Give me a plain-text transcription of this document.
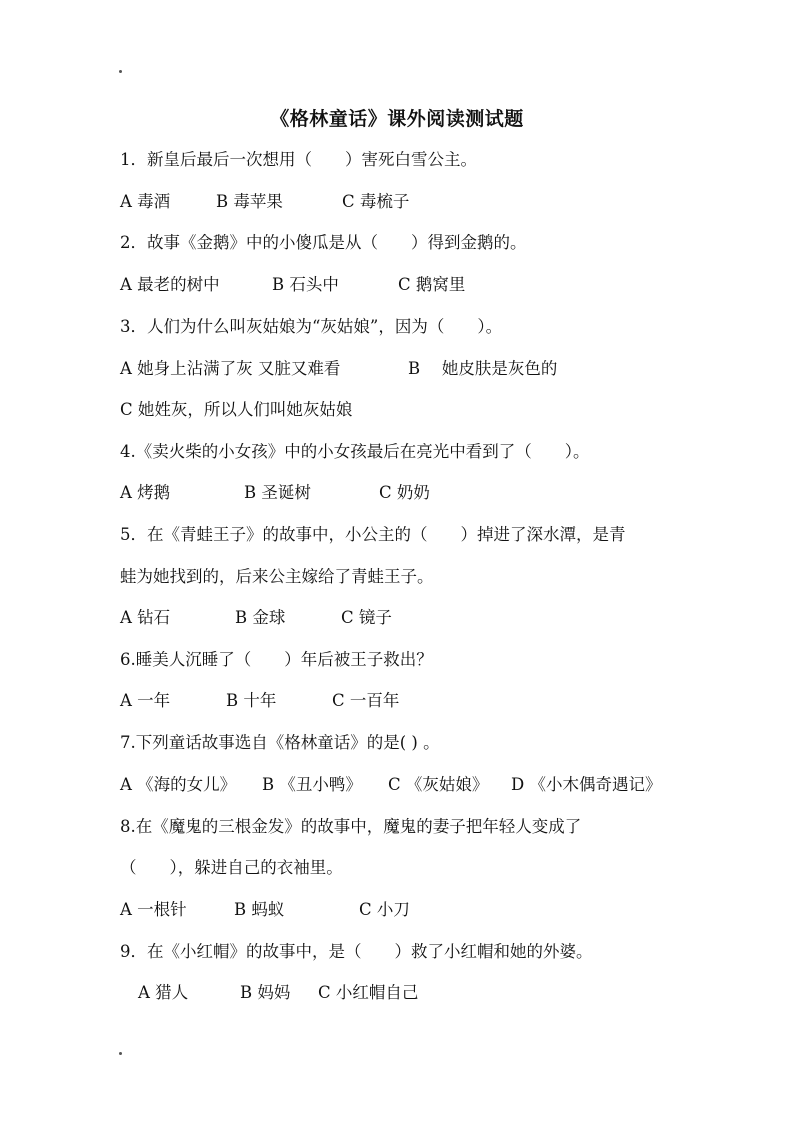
《格林童话》课外阅读测试题
1．新皇后最后一次想用（　　）害死白雪公主。
A 毒酒	B 毒苹果	C 毒梳子
2．故事《金鹅》中的小傻瓜是从（　　）得到金鹅的。
A 最老的树中	B 石头中	C 鹅窝里
3．人们为什么叫灰姑娘为“灰姑娘”，因为（　　）。
A 她身上沾满了灰 又脏又难看	B　 她皮肤是灰色的
C 她姓灰，所以人们叫她灰姑娘
4.《卖火柴的小女孩》中的小女孩最后在亮光中看到了（　　）。
A 烤鹅	B 圣诞树	C 奶奶
5．在《青蛙王子》的故事中，小公主的（　　）掉进了深水潭，是青
蛙为她找到的，后来公主嫁给了青蛙王子。
A 钻石	B 金球	C 镜子
6.睡美人沉睡了（　　）年后被王子救出？
A 一年	B 十年	C 一百年
7.下列童话故事选自《格林童话》的是( ) 。
A 《海的女儿》 B 《丑小鸭》 C 《灰姑娘》 D 《小木偶奇遇记》
8.在《魔鬼的三根金发》的故事中，魔鬼的妻子把年轻人变成了
（　　），躲进自己的衣袖里。
A 一根针	B 蚂蚁	C 小刀
9．在《小红帽》的故事中，是（　　）救了小红帽和她的外婆。
A 猎人	B 妈妈 C 小红帽自己
